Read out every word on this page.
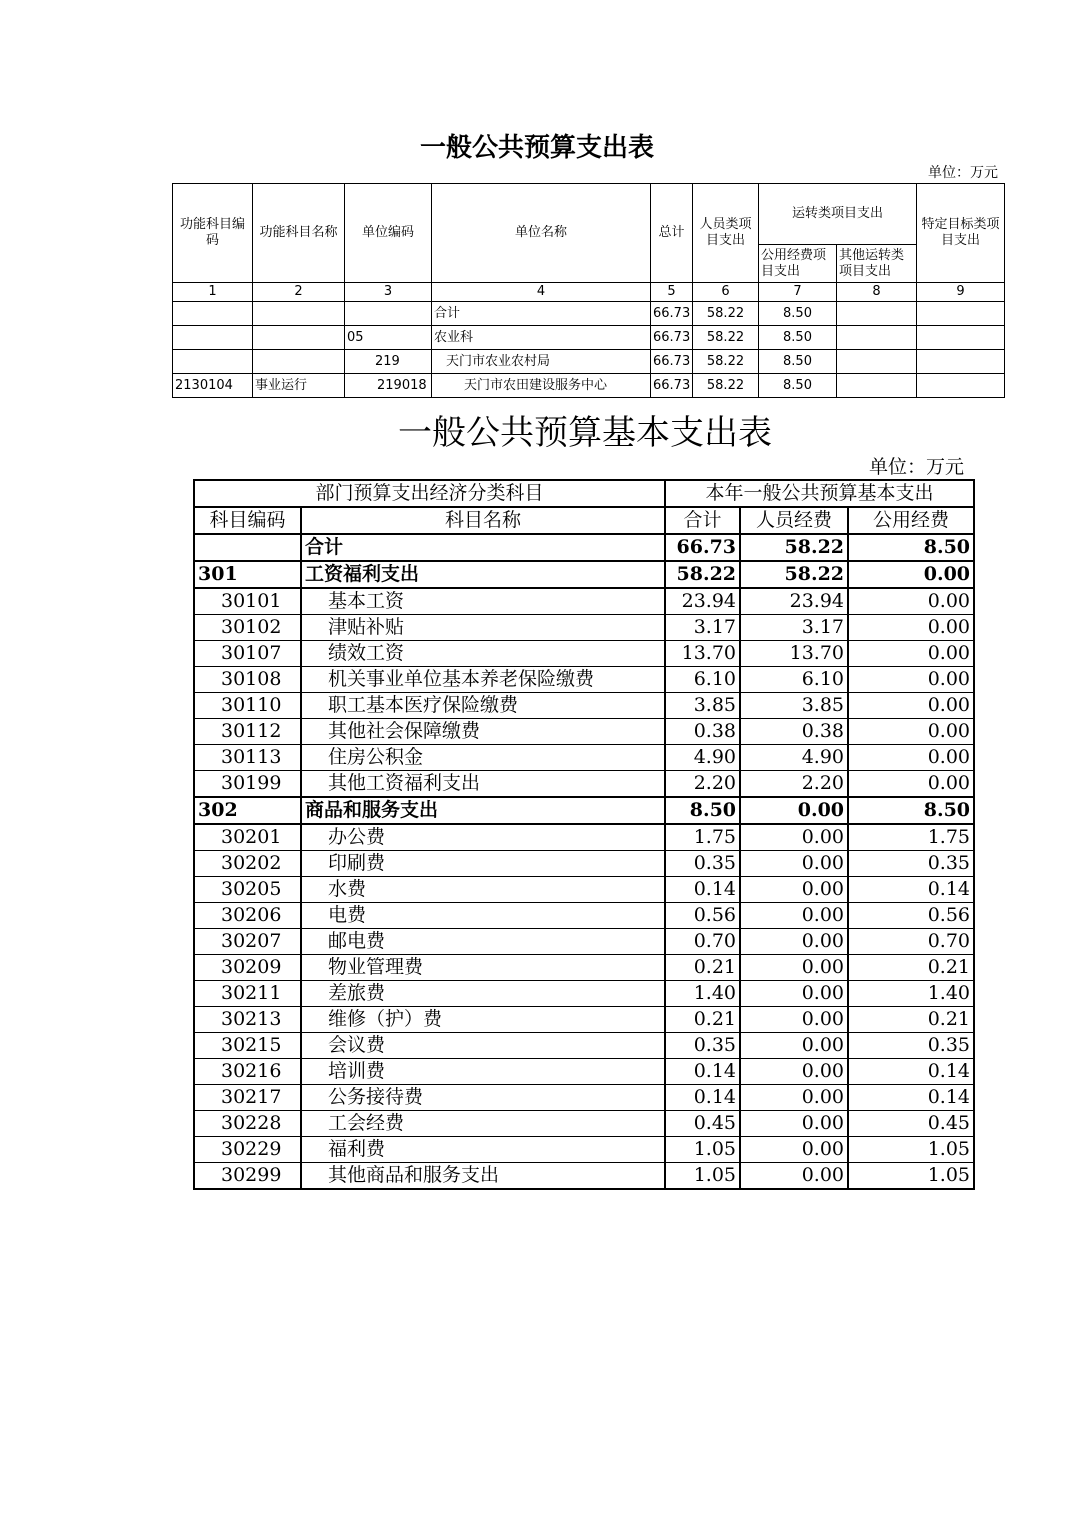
一般公共预算支出表
单位：万元
功能科目编码	功能科目名称	单位编码	单位名称	总计	人员类项目支出	运转类项目支出		特定目标类项目支出
						公用经费项目支出	其他运转类项目支出	
1	2	3	4	5	6	7	8	9
			合计	66.73	58.22	8.50		
		05	农业科	66.73	58.22	8.50		
		219	天门市农业农村局	66.73	58.22	8.50		
2130104	事业运行	219018	天门市农田建设服务中心	66.73	58.22	8.50		
一般公共预算基本支出表
单位：万元
部门预算支出经济分类科目		本年一般公共预算基本支出		
科目编码	科目名称	合计	人员经费	公用经费
	合计	66.73	58.22	8.50
301	工资福利支出	58.22	58.22	0.00
30101	基本工资	23.94	23.94	0.00
30102	津贴补贴	3.17	3.17	0.00
30107	绩效工资	13.70	13.70	0.00
30108	机关事业单位基本养老保险缴费	6.10	6.10	0.00
30110	职工基本医疗保险缴费	3.85	3.85	0.00
30112	其他社会保障缴费	0.38	0.38	0.00
30113	住房公积金	4.90	4.90	0.00
30199	其他工资福利支出	2.20	2.20	0.00
302	商品和服务支出	8.50	0.00	8.50
30201	办公费	1.75	0.00	1.75
30202	印刷费	0.35	0.00	0.35
30205	水费	0.14	0.00	0.14
30206	电费	0.56	0.00	0.56
30207	邮电费	0.70	0.00	0.70
30209	物业管理费	0.21	0.00	0.21
30211	差旅费	1.40	0.00	1.40
30213	维修（护）费	0.21	0.00	0.21
30215	会议费	0.35	0.00	0.35
30216	培训费	0.14	0.00	0.14
30217	公务接待费	0.14	0.00	0.14
30228	工会经费	0.45	0.00	0.45
30229	福利费	1.05	0.00	1.05
30299	其他商品和服务支出	1.05	0.00	1.05
